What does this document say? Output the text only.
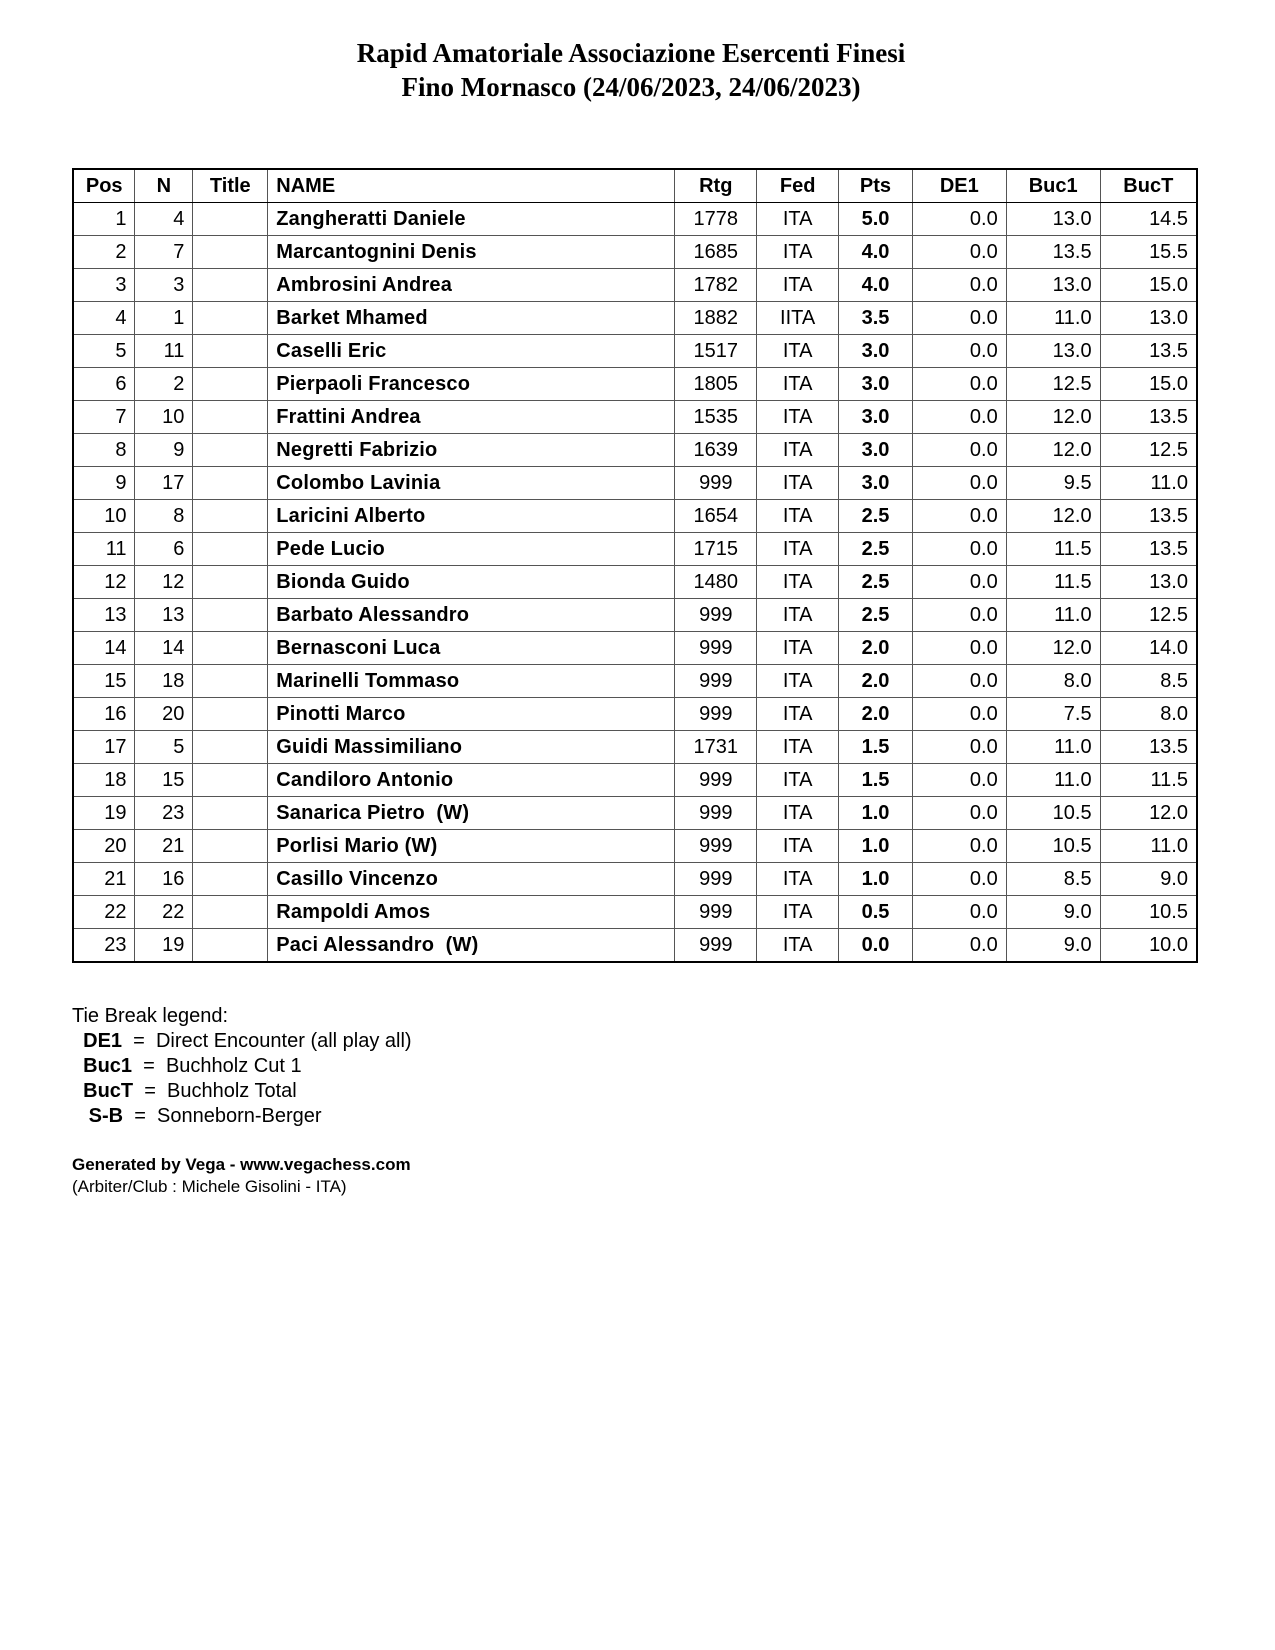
Rapid Amatoriale Associazione Esercenti Finesi
Fino Mornasco (24/06/2023, 24/06/2023)
Pos	N	Title	NAME	Rtg	Fed	Pts	DE1	Buc1	BucT
1	4		Zangheratti Daniele	1778	ITA	5.0	0.0	13.0	14.5
2	7		Marcantognini Denis	1685	ITA	4.0	0.0	13.5	15.5
3	3		Ambrosini Andrea	1782	ITA	4.0	0.0	13.0	15.0
4	1		Barket Mhamed	1882	IITA	3.5	0.0	11.0	13.0
5	11		Caselli Eric	1517	ITA	3.0	0.0	13.0	13.5
6	2		Pierpaoli Francesco	1805	ITA	3.0	0.0	12.5	15.0
7	10		Frattini Andrea	1535	ITA	3.0	0.0	12.0	13.5
8	9		Negretti Fabrizio	1639	ITA	3.0	0.0	12.0	12.5
9	17		Colombo Lavinia	999	ITA	3.0	0.0	9.5	11.0
10	8		Laricini Alberto	1654	ITA	2.5	0.0	12.0	13.5
11	6		Pede Lucio	1715	ITA	2.5	0.0	11.5	13.5
12	12		Bionda Guido	1480	ITA	2.5	0.0	11.5	13.0
13	13		Barbato Alessandro	999	ITA	2.5	0.0	11.0	12.5
14	14		Bernasconi Luca	999	ITA	2.0	0.0	12.0	14.0
15	18		Marinelli Tommaso	999	ITA	2.0	0.0	8.0	8.5
16	20		Pinotti Marco	999	ITA	2.0	0.0	7.5	8.0
17	5		Guidi Massimiliano	1731	ITA	1.5	0.0	11.0	13.5
18	15		Candiloro Antonio	999	ITA	1.5	0.0	11.0	11.5
19	23		Sanarica Pietro  (W)	999	ITA	1.0	0.0	10.5	12.0
20	21		Porlisi Mario (W)	999	ITA	1.0	0.0	10.5	11.0
21	16		Casillo Vincenzo	999	ITA	1.0	0.0	8.5	9.0
22	22		Rampoldi Amos	999	ITA	0.5	0.0	9.0	10.5
23	19		Paci Alessandro  (W)	999	ITA	0.0	0.0	9.0	10.0
Tie Break legend:
DE1  =  Direct Encounter (all play all)
Buc1  =  Buchholz Cut 1
BucT  =  Buchholz Total
S-B  =  Sonneborn-Berger
Generated by Vega - www.vegachess.com
(Arbiter/Club : Michele Gisolini - ITA)
